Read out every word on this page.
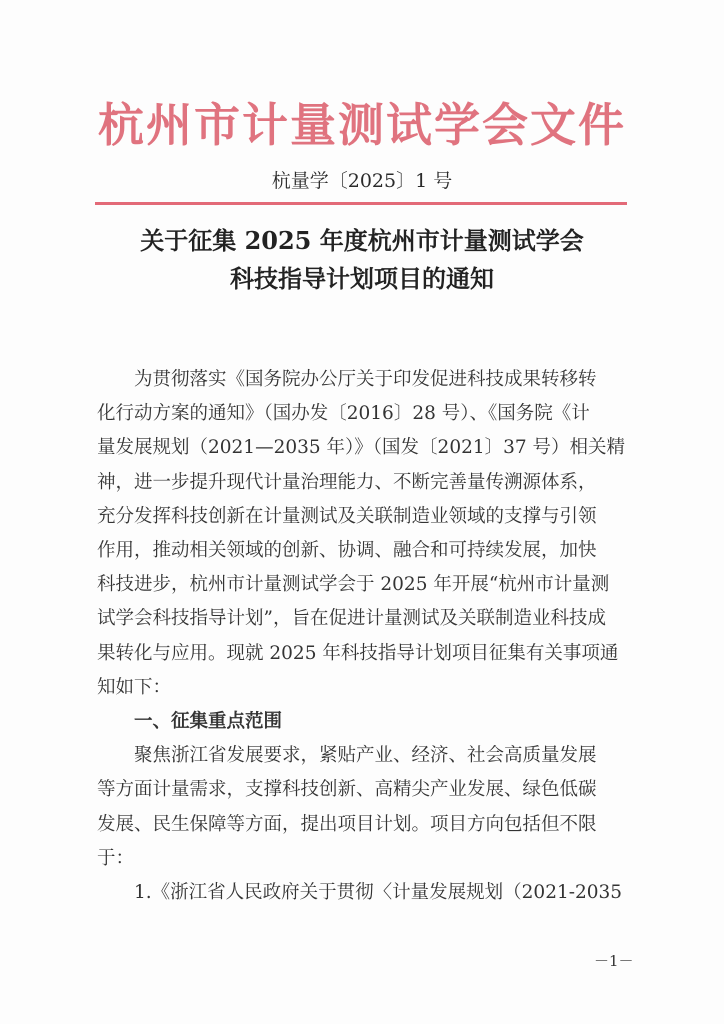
杭州市计量测试学会文件
杭量学〔2025〕1 号
关于征集 2025 年度杭州市计量测试学会
科技指导计划项目的通知

为贯彻落实《国务院办公厅关于印发促进科技成果转移转
化行动方案的通知》（国办发〔2016〕28 号）、《国务院《计
量发展规划（2021—2035 年）》（国发〔2021〕37 号）相关精
神，进一步提升现代计量治理能力、不断完善量传溯源体系，
充分发挥科技创新在计量测试及关联制造业领域的支撑与引领
作用，推动相关领域的创新、协调、融合和可持续发展，加快
科技进步，杭州市计量测试学会于 2025 年开展“杭州市计量测
试学会科技指导计划”，旨在促进计量测试及关联制造业科技成
果转化与应用。现就 2025 年科技指导计划项目征集有关事项通
知如下：

一、征集重点范围

聚焦浙江省发展要求，紧贴产业、经济、社会高质量发展
等方面计量需求，支撑科技创新、高精尖产业发展、绿色低碳
发展、民生保障等方面，提出项目计划。项目方向包括但不限
于：

1.《浙江省人民政府关于贯彻〈计量发展规划（2021-2035

－1－
